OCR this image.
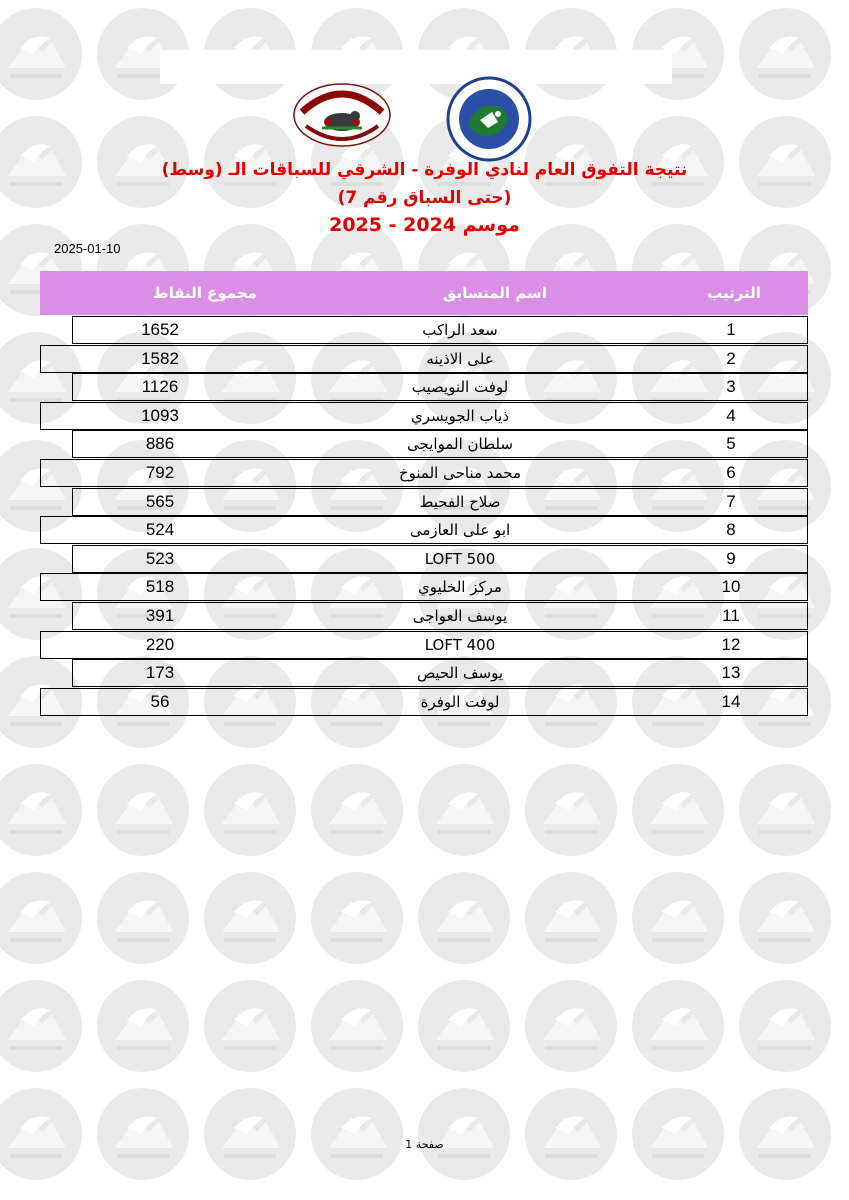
نتيجة التفوق العام لنادي الوفرة - الشرقي للسباقات الـ (وسط)
(حتى السباق رقم 7)
موسم 2024 - 2025
2025-01-10
مجموع النقاط	اسم المتسابق	الترتيب
1652	سعد الراكب	1
1582	على الاذينه	2
1126	لوفت النويصيب	3
1093	ذياب الجويسري	4
886	سلطان الموايجى	5
792	محمد مناحى المنوخ	6
565	صلاح الفحيط	7
524	ابو على العازمى	8
523	LOFT 500	9
518	مركز الخليوي	10
391	يوسف العواجى	11
220	LOFT 400	12
173	يوسف الحيص	13
56	لوفت الوفرة	14
صفحة 1
